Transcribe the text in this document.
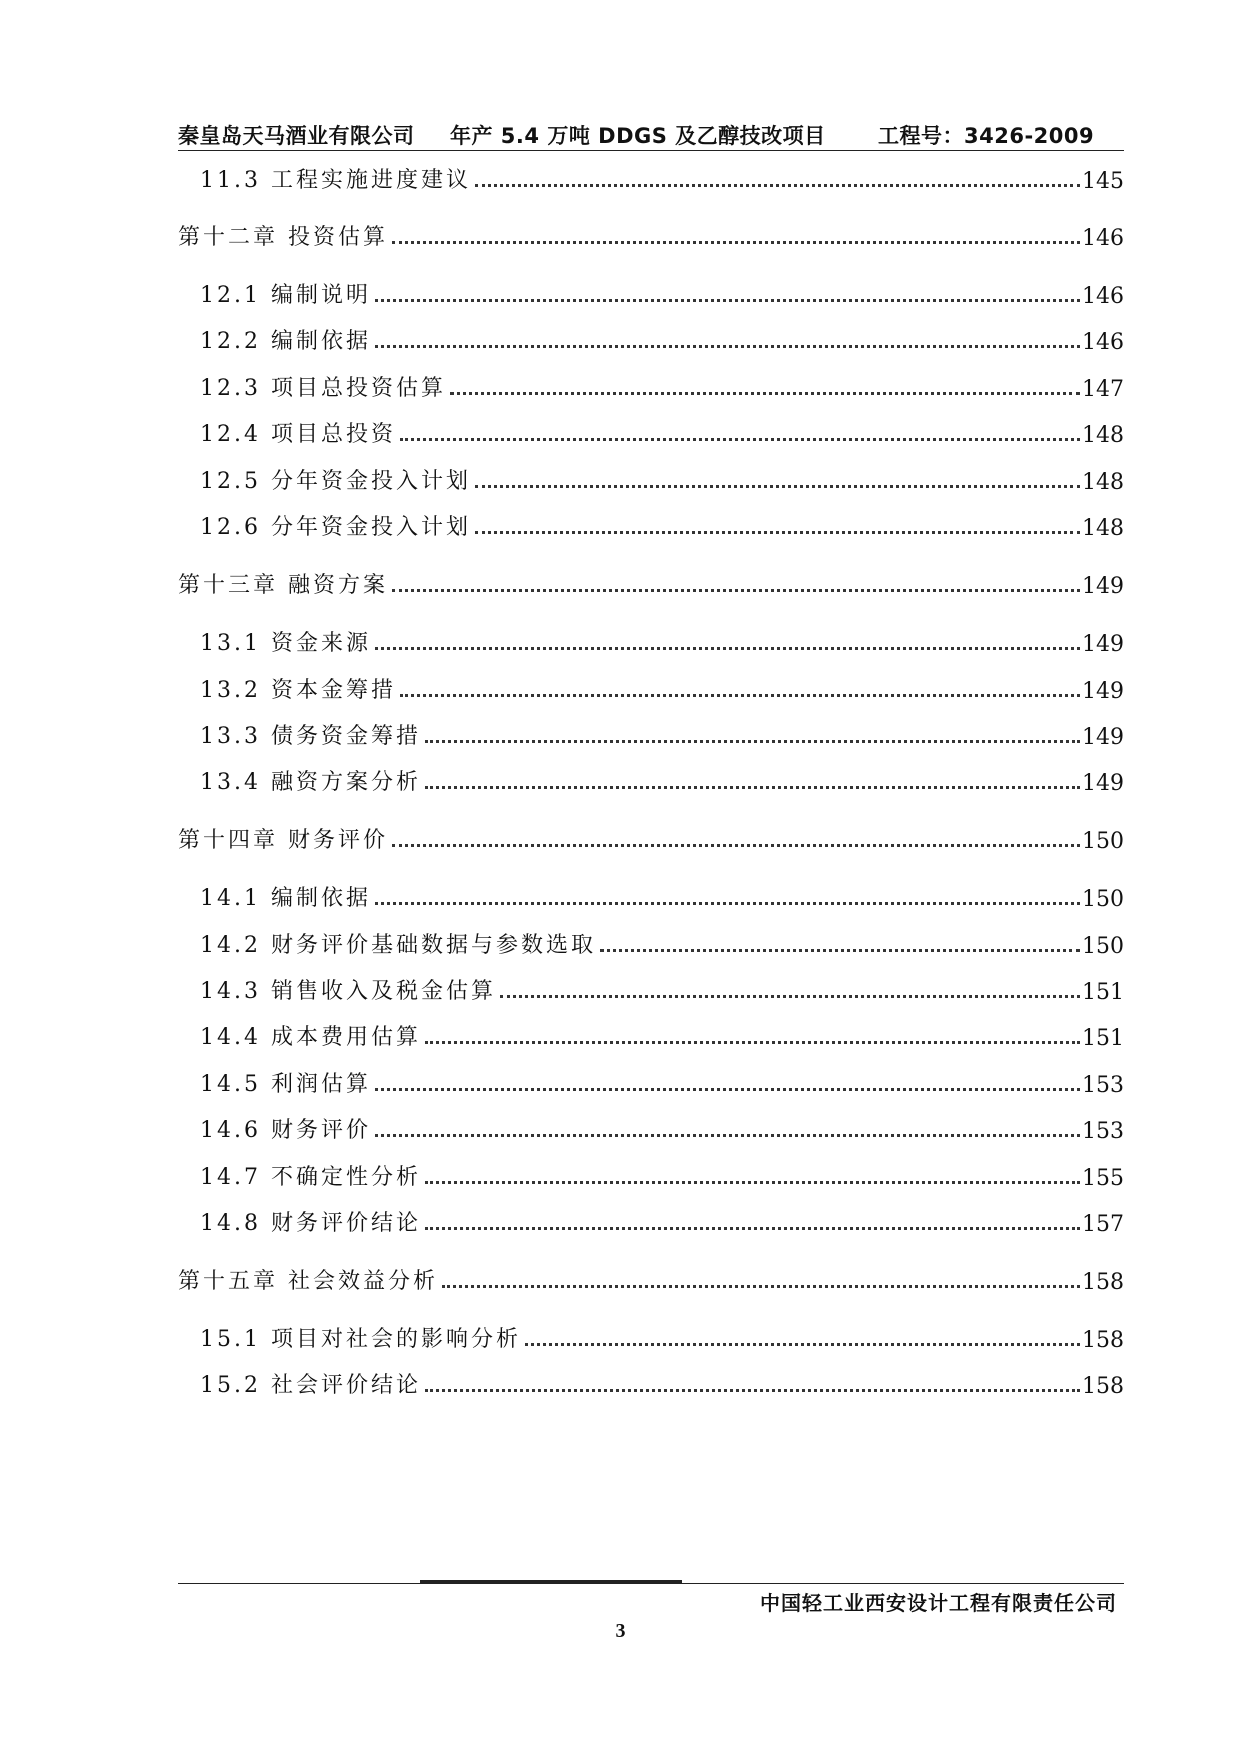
秦皇岛天马酒业有限公司 年产 5.4 万吨 DDGS 及乙醇技改项目 工程号：3426-2009
11.3 工程实施进度建议	145
第十二章 投资估算	146
12.1 编制说明	146
12.2 编制依据	146
12.3 项目总投资估算	147
12.4 项目总投资	148
12.5 分年资金投入计划	148
12.6 分年资金投入计划	148
第十三章 融资方案	149
13.1 资金来源	149
13.2 资本金筹措	149
13.3 债务资金筹措	149
13.4 融资方案分析	149
第十四章 财务评价	150
14.1 编制依据	150
14.2 财务评价基础数据与参数选取	150
14.3 销售收入及税金估算	151
14.4 成本费用估算	151
14.5 利润估算	153
14.6 财务评价	153
14.7 不确定性分析	155
14.8 财务评价结论	157
第十五章 社会效益分析	158
15.1 项目对社会的影响分析	158
15.2 社会评价结论	158
中国轻工业西安设计工程有限责任公司
3
